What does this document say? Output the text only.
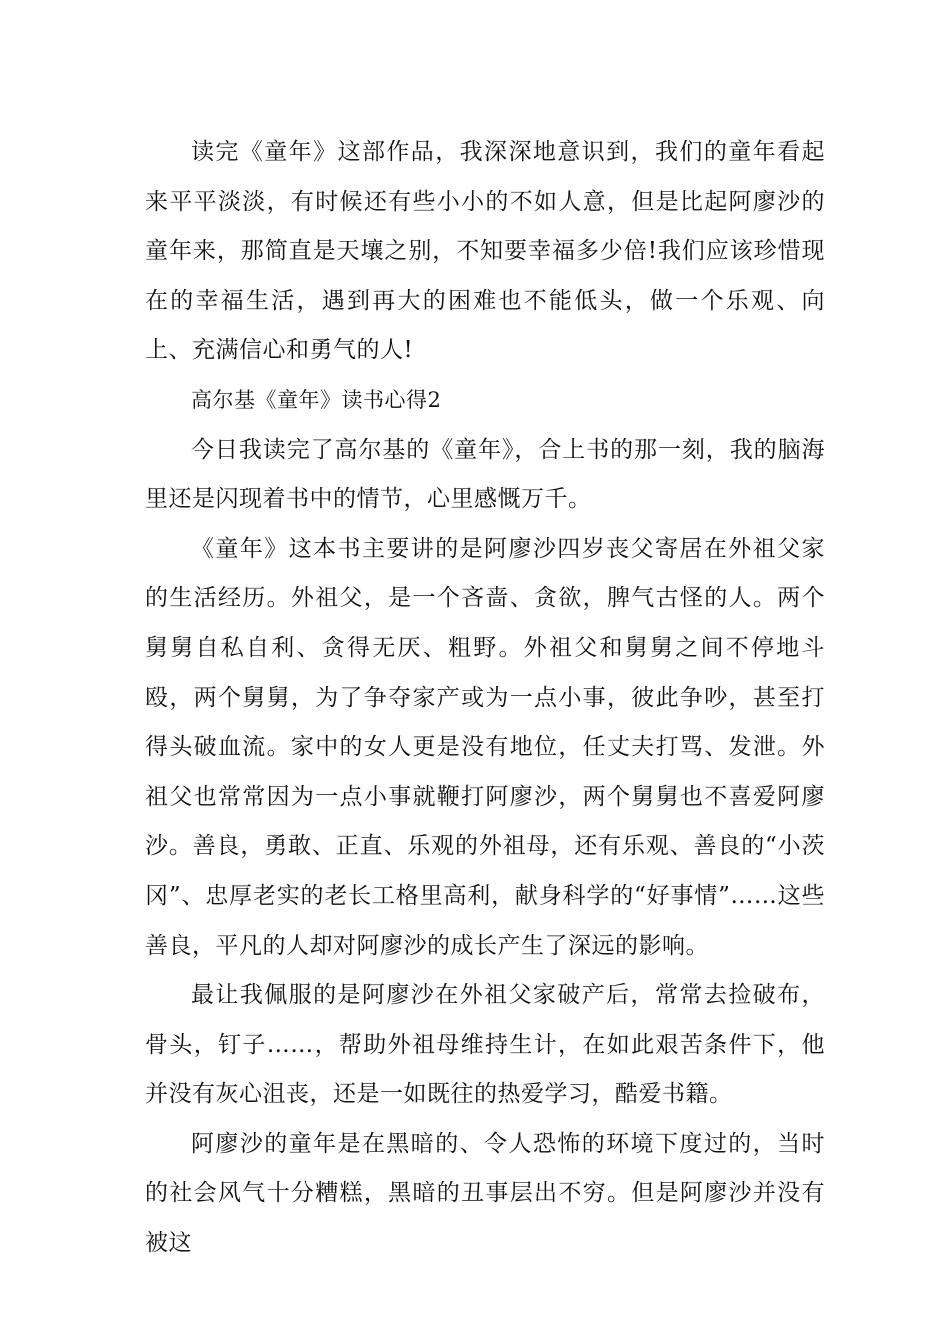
读完《童年》这部作品，我深深地意识到，我们的童年看起来平平淡淡，有时候还有些小小的不如人意，但是比起阿廖沙的童年来，那简直是天壤之别，不知要幸福多少倍!我们应该珍惜现在的幸福生活，遇到再大的困难也不能低头，做一个乐观、向上、充满信心和勇气的人!

高尔基《童年》读书心得2

今日我读完了高尔基的《童年》，合上书的那一刻，我的脑海里还是闪现着书中的情节，心里感慨万千。

《童年》这本书主要讲的是阿廖沙四岁丧父寄居在外祖父家的生活经历。外祖父，是一个吝啬、贪欲，脾气古怪的人。两个舅舅自私自利、贪得无厌、粗野。外祖父和舅舅之间不停地斗殴，两个舅舅，为了争夺家产或为一点小事，彼此争吵，甚至打得头破血流。家中的女人更是没有地位，任丈夫打骂、发泄。外祖父也常常因为一点小事就鞭打阿廖沙，两个舅舅也不喜爱阿廖沙。善良，勇敢、正直、乐观的外祖母，还有乐观、善良的“小茨冈”、忠厚老实的老长工格里高利，献身科学的“好事情”……这些善良，平凡的人却对阿廖沙的成长产生了深远的影响。

最让我佩服的是阿廖沙在外祖父家破产后，常常去捡破布，骨头，钉子……，帮助外祖母维持生计，在如此艰苦条件下，他并没有灰心沮丧，还是一如既往的热爱学习，酷爱书籍。

阿廖沙的童年是在黑暗的、令人恐怖的环境下度过的，当时的社会风气十分糟糕，黑暗的丑事层出不穷。但是阿廖沙并没有被这
